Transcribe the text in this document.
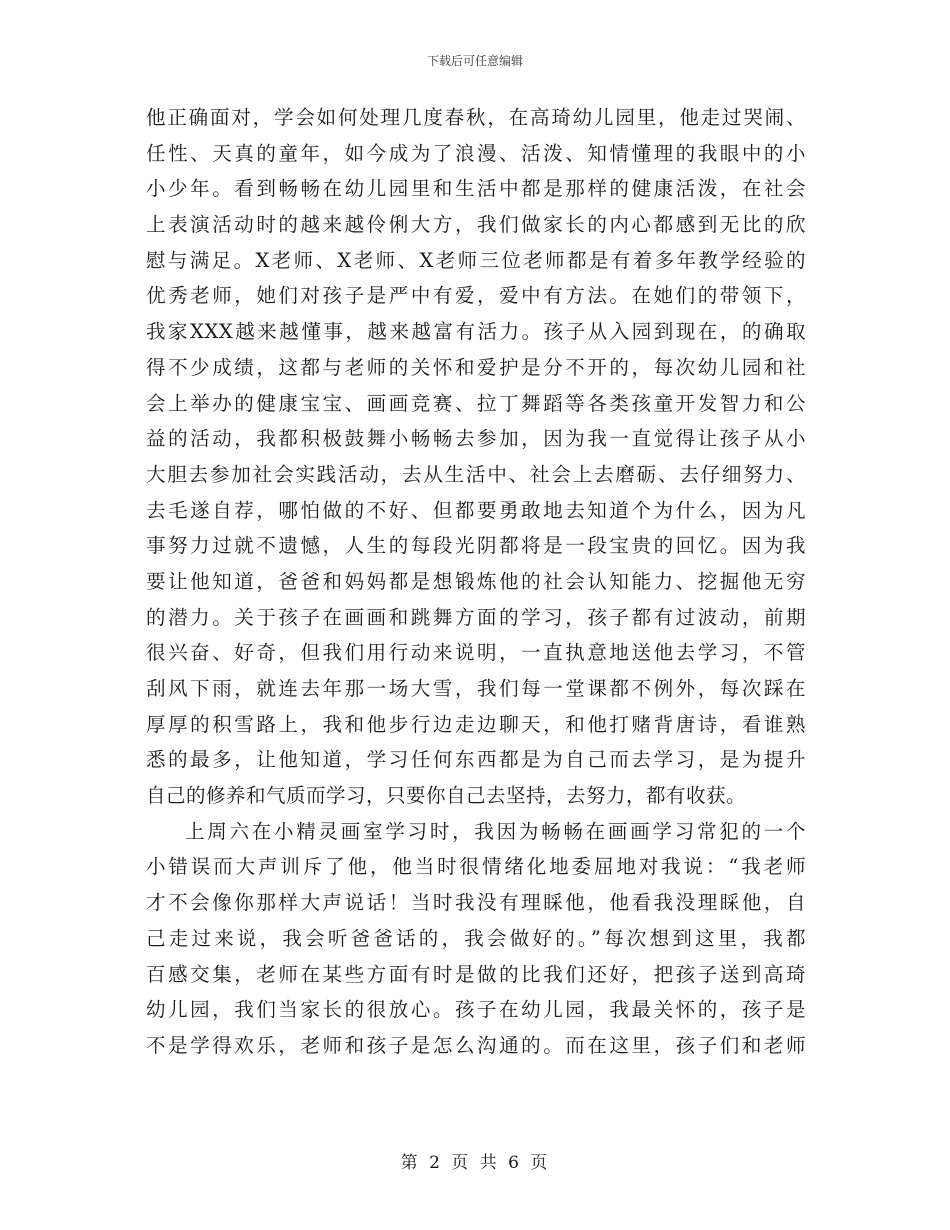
下载后可任意编辑
他正确面对，学会如何处理几度春秋，在高琦幼儿园里，他走过哭闹、
任性、天真的童年，如今成为了浪漫、活泼、知情懂理的我眼中的小
小少年。看到畅畅在幼儿园里和生活中都是那样的健康活泼，在社会
上表演活动时的越来越伶俐大方，我们做家长的内心都感到无比的欣
慰与满足。X老师、X老师、X老师三位老师都是有着多年教学经验的
优秀老师，她们对孩子是严中有爱，爱中有方法。在她们的带领下，
我家XXX越来越懂事，越来越富有活力。孩子从入园到现在，的确取
得不少成绩，这都与老师的关怀和爱护是分不开的，每次幼儿园和社
会上举办的健康宝宝、画画竞赛、拉丁舞蹈等各类孩童开发智力和公
益的活动，我都积极鼓舞小畅畅去参加，因为我一直觉得让孩子从小
大胆去参加社会实践活动，去从生活中、社会上去磨砺、去仔细努力、
去毛遂自荐，哪怕做的不好、但都要勇敢地去知道个为什么，因为凡
事努力过就不遗憾，人生的每段光阴都将是一段宝贵的回忆。因为我
要让他知道，爸爸和妈妈都是想锻炼他的社会认知能力、挖掘他无穷
的潜力。关于孩子在画画和跳舞方面的学习，孩子都有过波动，前期
很兴奋、好奇，但我们用行动来说明，一直执意地送他去学习，不管
刮风下雨，就连去年那一场大雪，我们每一堂课都不例外，每次踩在
厚厚的积雪路上，我和他步行边走边聊天，和他打赌背唐诗，看谁熟
悉的最多，让他知道，学习任何东西都是为自己而去学习，是为提升
自己的修养和气质而学习，只要你自己去坚持，去努力，都有收获。
上周六在小精灵画室学习时，我因为畅畅在画画学习常犯的一个
小错误而大声训斥了他，他当时很情绪化地委屈地对我说：“我老师
才不会像你那样大声说话！当时我没有理睬他，他看我没理睬他，自
己走过来说，我会听爸爸话的，我会做好的。”每次想到这里，我都
百感交集，老师在某些方面有时是做的比我们还好，把孩子送到高琦
幼儿园，我们当家长的很放心。孩子在幼儿园，我最关怀的，孩子是
不是学得欢乐，老师和孩子是怎么沟通的。而在这里，孩子们和老师
第 2 页 共 6 页
